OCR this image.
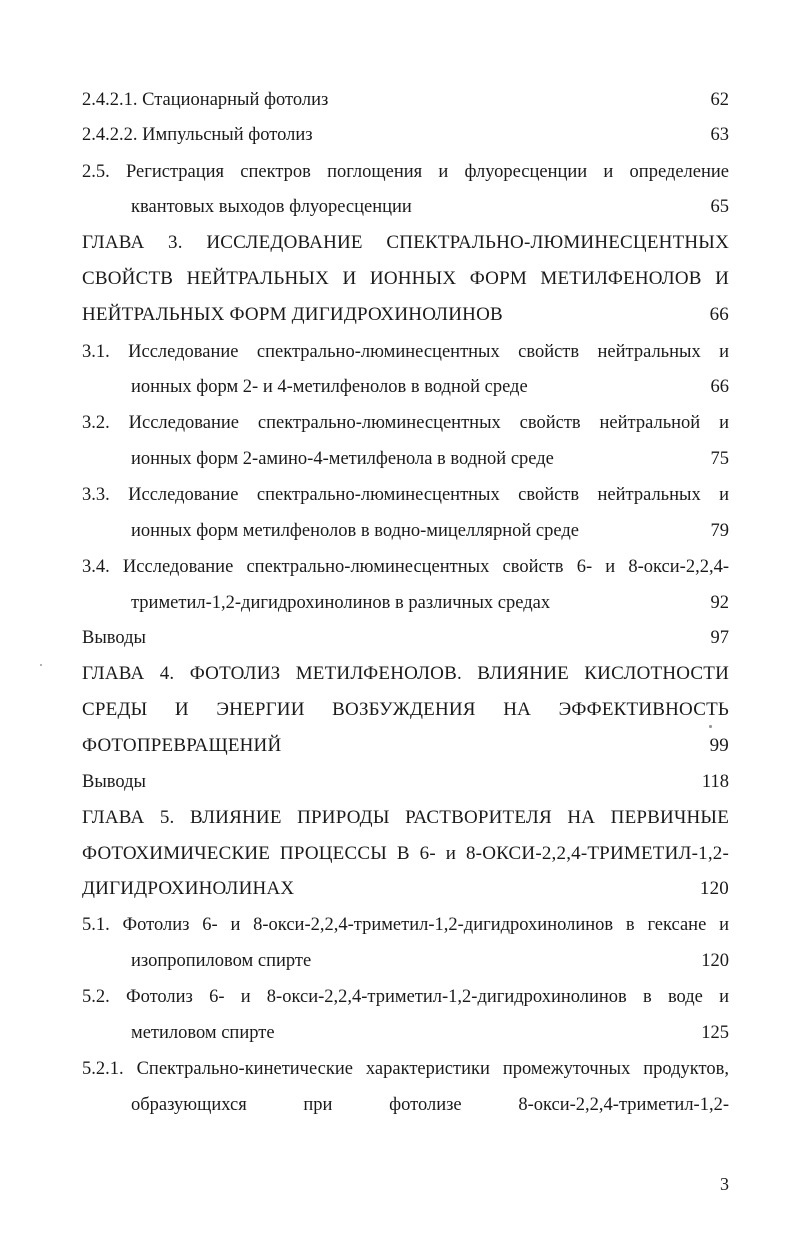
2.4.2.1. Стационарный фотолиз	62
2.4.2.2. Импульсный фотолиз	63
2.5. Регистрация спектров поглощения и флуоресценции и определение
квантовых выходов флуоресценции	65
ГЛАВА 3. ИССЛЕДОВАНИЕ СПЕКТРАЛЬНО-ЛЮМИНЕСЦЕНТНЫХ
СВОЙСТВ НЕЙТРАЛЬНЫХ И ИОННЫХ ФОРМ МЕТИЛФЕНОЛОВ И
НЕЙТРАЛЬНЫХ ФОРМ ДИГИДРОХИНОЛИНОВ	66
3.1. Исследование спектрально-люминесцентных свойств нейтральных и
ионных форм 2- и 4-метилфенолов в водной среде	66
3.2. Исследование спектрально-люминесцентных свойств нейтральной и
ионных форм 2-амино-4-метилфенола в водной среде	75
3.3. Исследование спектрально-люминесцентных свойств нейтральных и
ионных форм метилфенолов в водно-мицеллярной среде	79
3.4. Исследование спектрально-люминесцентных свойств 6- и 8-окси-2,2,4-
триметил-1,2-дигидрохинолинов в различных средах	92
Выводы	97
ГЛАВА 4. ФОТОЛИЗ МЕТИЛФЕНОЛОВ. ВЛИЯНИЕ КИСЛОТНОСТИ
СРЕДЫ И ЭНЕРГИИ ВОЗБУЖДЕНИЯ НА ЭФФЕКТИВНОСТЬ
ФОТОПРЕВРАЩЕНИЙ	99
Выводы	118
ГЛАВА 5. ВЛИЯНИЕ ПРИРОДЫ РАСТВОРИТЕЛЯ НА ПЕРВИЧНЫЕ
ФОТОХИМИЧЕСКИЕ ПРОЦЕССЫ В 6- и 8-ОКСИ-2,2,4-ТРИМЕТИЛ-1,2-
ДИГИДРОХИНОЛИНАХ	120
5.1. Фотолиз 6- и 8-окси-2,2,4-триметил-1,2-дигидрохинолинов в гексане и
изопропиловом спирте	120
5.2. Фотолиз 6- и 8-окси-2,2,4-триметил-1,2-дигидрохинолинов в воде и
метиловом спирте	125
5.2.1. Спектрально-кинетические характеристики промежуточных продуктов,
образующихся при фотолизе 8-окси-2,2,4-триметил-1,2-
3
